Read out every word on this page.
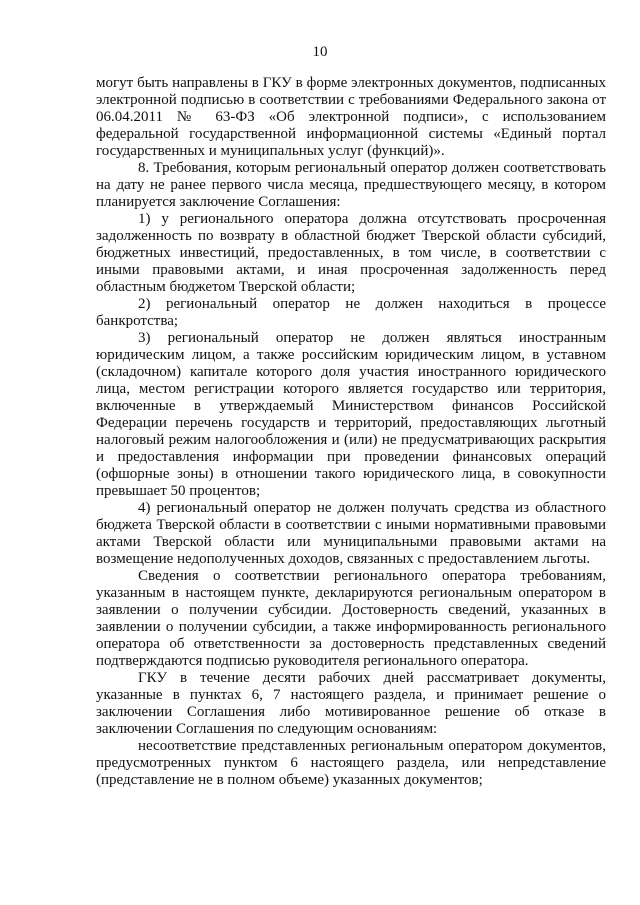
10

могут быть направлены в ГКУ в форме электронных документов, подписанных электронной подписью в соответствии с требованиями Федерального закона от 06.04.2011 № 63-ФЗ «Об электронной подписи», с использованием федеральной государственной информационной системы «Единый портал государственных и муниципальных услуг (функций)».

8. Требования, которым региональный оператор должен соответствовать на дату не ранее первого числа месяца, предшествующего месяцу, в котором планируется заключение Соглашения:

1) у регионального оператора должна отсутствовать просроченная задолженность по возврату в областной бюджет Тверской области субсидий, бюджетных инвестиций, предоставленных, в том числе, в соответствии с иными правовыми актами, и иная просроченная задолженность перед областным бюджетом Тверской области;

2) региональный оператор не должен находиться в процессе банкротства;

3) региональный оператор не должен являться иностранным юридическим лицом, а также российским юридическим лицом, в уставном (складочном) капитале которого доля участия иностранного юридического лица, местом регистрации которого является государство или территория, включенные в утверждаемый Министерством финансов Российской Федерации перечень государств и территорий, предоставляющих льготный налоговый режим налогообложения и (или) не предусматривающих раскрытия и предоставления информации при проведении финансовых операций (офшорные зоны) в отношении такого юридического лица, в совокупности превышает 50 процентов;

4) региональный оператор не должен получать средства из областного бюджета Тверской области в соответствии с иными нормативными правовыми актами Тверской области или муниципальными правовыми актами на возмещение недополученных доходов, связанных с предоставлением льготы.

Сведения о соответствии регионального оператора требованиям, указанным в настоящем пункте, декларируются региональным оператором в заявлении о получении субсидии. Достоверность сведений, указанных в заявлении о получении субсидии, а также информированность регионального оператора об ответственности за достоверность представленных сведений подтверждаются подписью руководителя регионального оператора.

ГКУ в течение десяти рабочих дней рассматривает документы, указанные в пунктах 6, 7 настоящего раздела, и принимает решение о заключении Соглашения либо мотивированное решение об отказе в заключении Соглашения по следующим основаниям:

несоответствие представленных региональным оператором документов, предусмотренных пунктом 6 настоящего раздела, или непредставление (представление не в полном объеме) указанных документов;
